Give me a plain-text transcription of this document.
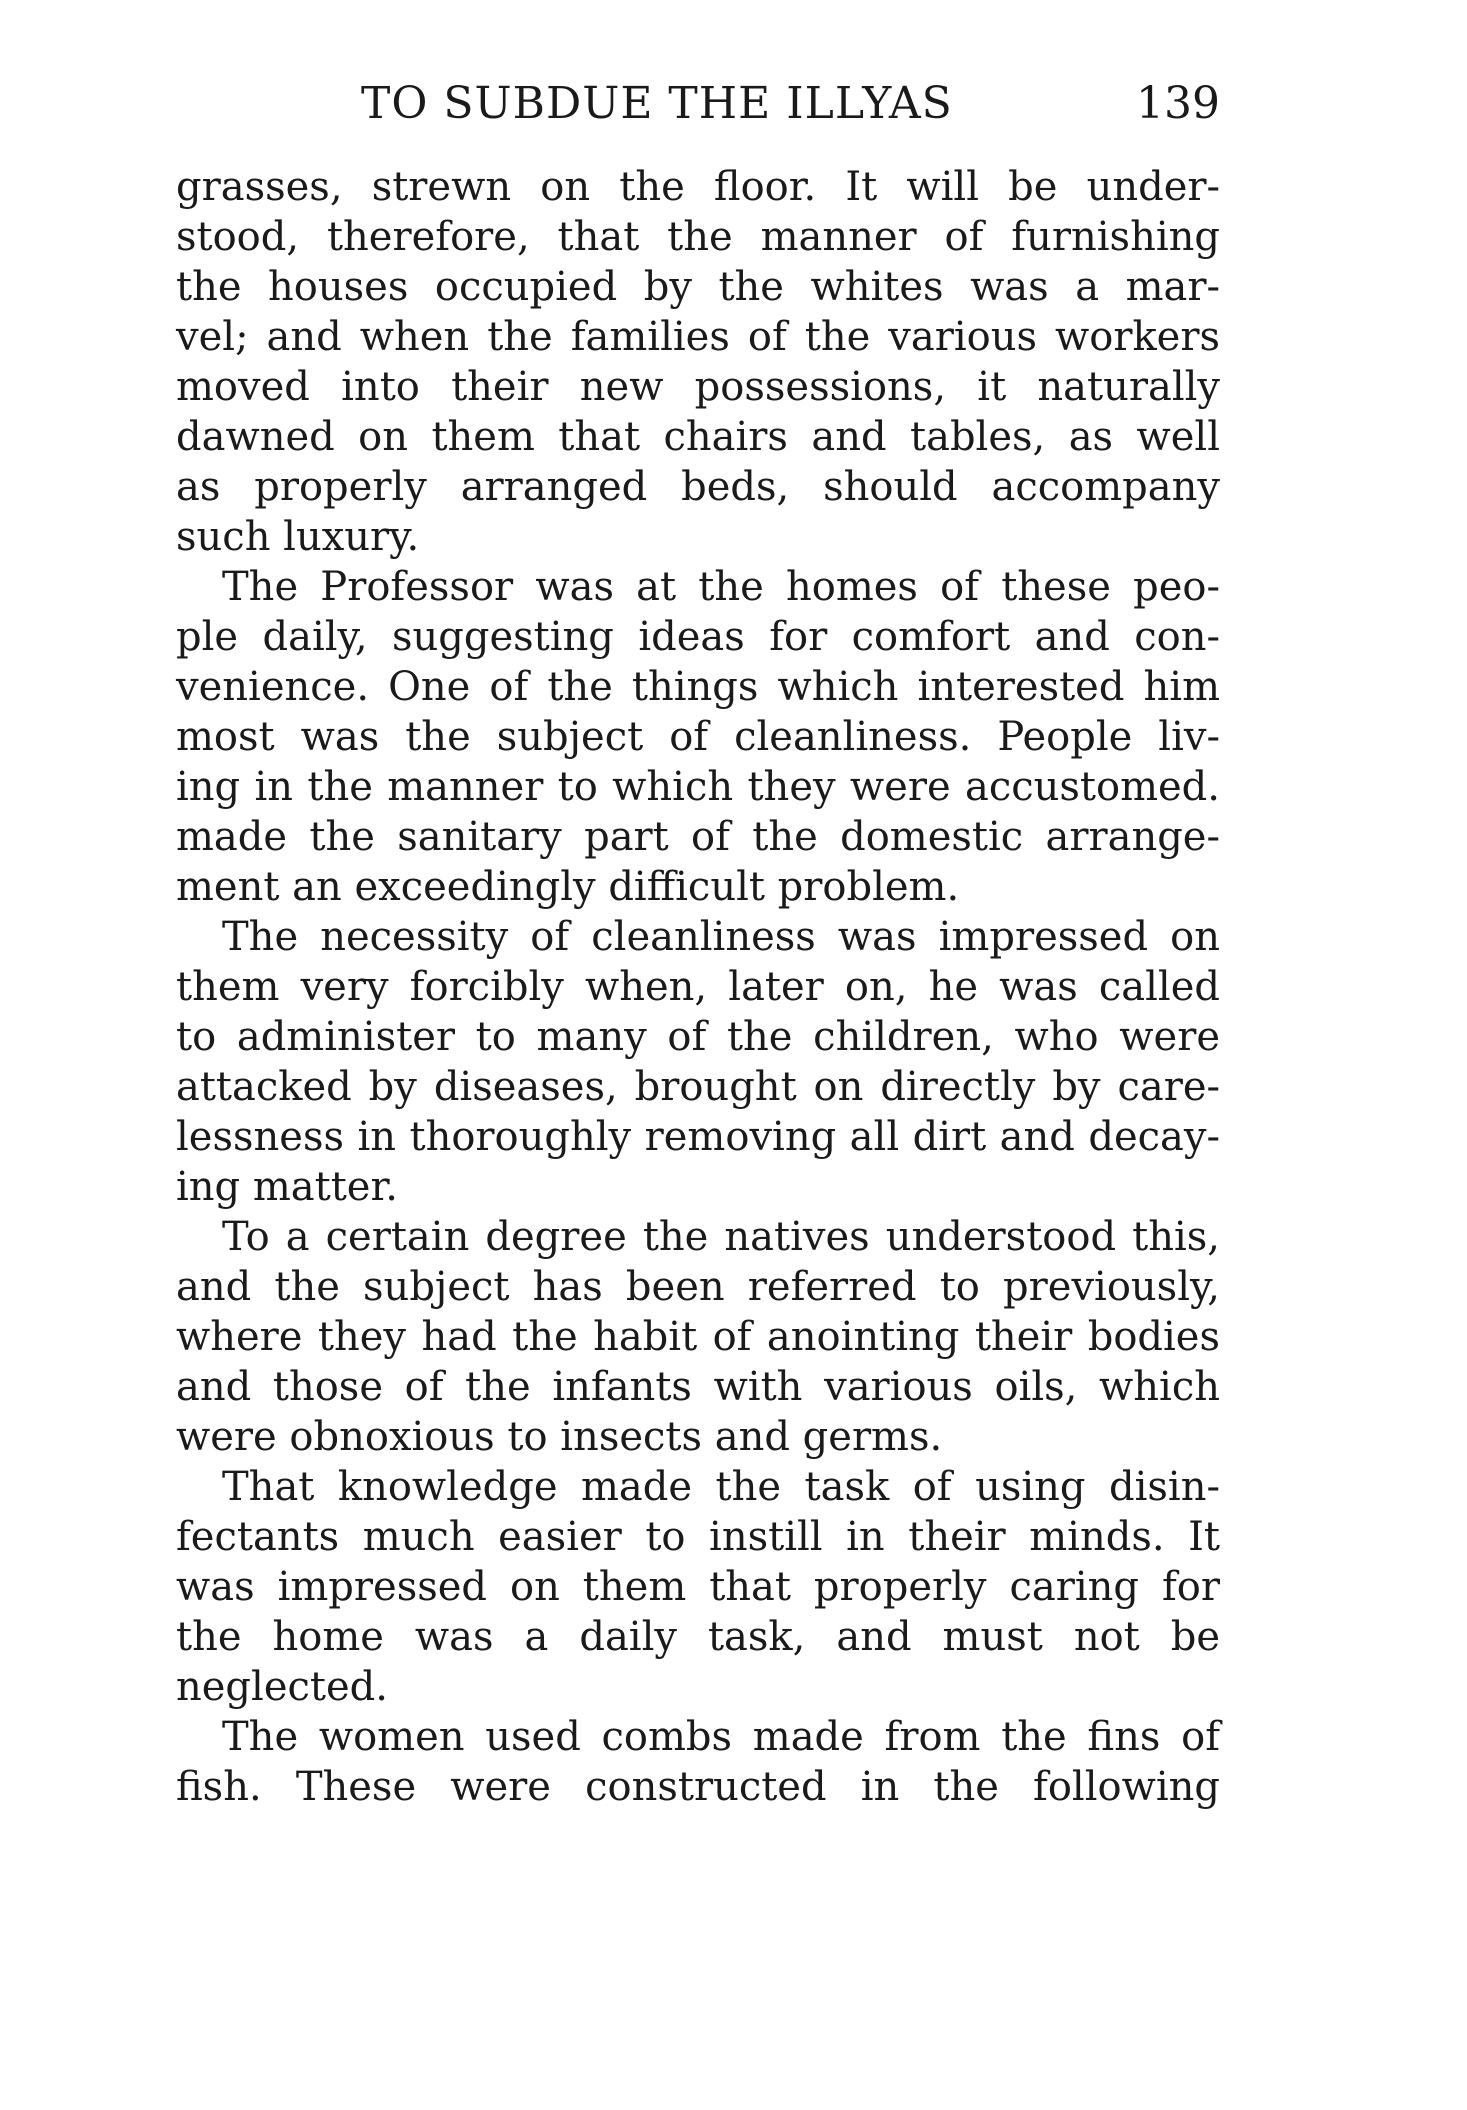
TO SUBDUE THE ILLYAS	139
grasses, strewn on the floor. It will be under-
stood, therefore, that the manner of furnishing
the houses occupied by the whites was a mar-
vel; and when the families of the various workers
moved into their new possessions, it naturally
dawned on them that chairs and tables, as well
as properly arranged beds, should accompany
such luxury.
The Professor was at the homes of these peo-
ple daily, suggesting ideas for comfort and con-
venience. One of the things which interested him
most was the subject of cleanliness. People liv-
ing in the manner to which they were accustomed.
made the sanitary part of the domestic arrange-
ment an exceedingly difficult problem.
The necessity of cleanliness was impressed on
them very forcibly when, later on, he was called
to administer to many of the children, who were
attacked by diseases, brought on directly by care-
lessness in thoroughly removing all dirt and decay-
ing matter.
To a certain degree the natives understood this,
and the subject has been referred to previously,
where they had the habit of anointing their bodies
and those of the infants with various oils, which
were obnoxious to insects and germs.
That knowledge made the task of using disin-
fectants much easier to instill in their minds. It
was impressed on them that properly caring for
the home was a daily task, and must not be
neglected.
The women used combs made from the fins of
fish. These were constructed in the following
